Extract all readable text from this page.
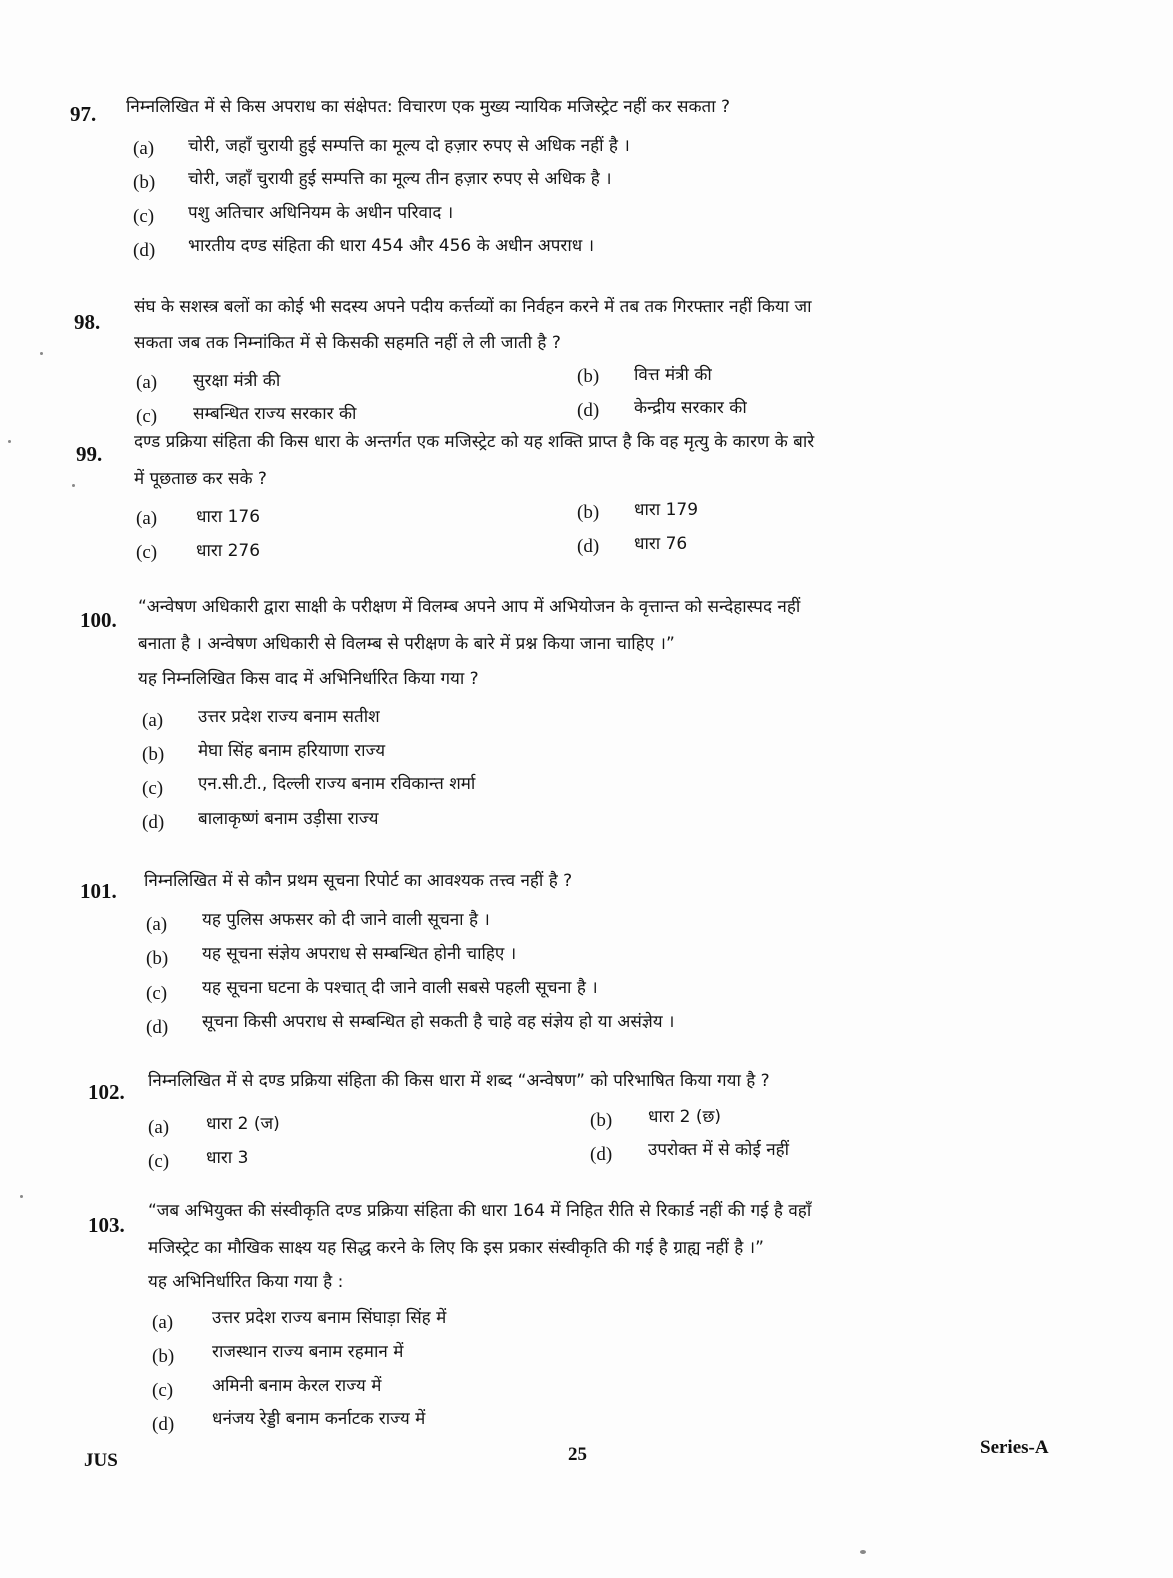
97. निम्नलिखित में से किस अपराध का संक्षेपत: विचारण एक मुख्य न्यायिक मजिस्ट्रेट नहीं कर सकता ?
(a) चोरी, जहाँ चुरायी हुई सम्पत्ति का मूल्य दो हज़ार रुपए से अधिक नहीं है ।
(b) चोरी, जहाँ चुरायी हुई सम्पत्ति का मूल्य तीन हज़ार रुपए से अधिक है ।
(c) पशु अतिचार अधिनियम के अधीन परिवाद ।
(d) भारतीय दण्ड संहिता की धारा 454 और 456 के अधीन अपराध ।
98.
संघ के सशस्त्र बलों का कोई भी सदस्य अपने पदीय कर्त्तव्यों का निर्वहन करने में तब तक गिरफ्तार नहीं किया जा
सकता जब तक निम्नांकित में से किसकी सहमति नहीं ले ली जाती है ?
(a) सुरक्षा मंत्री की	(b) वित्त मंत्री की
(c) सम्बन्धित राज्य सरकार की	(d) केन्द्रीय सरकार की
99. दण्ड प्रक्रिया संहिता की किस धारा के अन्तर्गत एक मजिस्ट्रेट को यह शक्ति प्राप्त है कि वह मृत्यु के कारण के बारे
में पूछताछ कर सके ?
(a) धारा 176	(b) धारा 179
(c) धारा 276	(d) धारा 76
100.
“अन्वेषण अधिकारी द्वारा साक्षी के परीक्षण में विलम्ब अपने आप में अभियोजन के वृत्तान्त को सन्देहास्पद नहीं
बनाता है । अन्वेषण अधिकारी से विलम्ब से परीक्षण के बारे में प्रश्न किया जाना चाहिए ।”
यह निम्नलिखित किस वाद में अभिनिर्धारित किया गया ?
(a) उत्तर प्रदेश राज्य बनाम सतीश
(b) मेघा सिंह बनाम हरियाणा राज्य
(c) एन.सी.टी., दिल्ली राज्य बनाम रविकान्त शर्मा
(d) बालाकृष्णं बनाम उड़ीसा राज्य
101. निम्नलिखित में से कौन प्रथम सूचना रिपोर्ट का आवश्यक तत्त्व नहीं है ?
(a) यह पुलिस अफसर को दी जाने वाली सूचना है ।
(b) यह सूचना संज्ञेय अपराध से सम्बन्धित होनी चाहिए ।
(c) यह सूचना घटना के पश्चात् दी जाने वाली सबसे पहली सूचना है ।
(d) सूचना किसी अपराध से सम्बन्धित हो सकती है चाहे वह संज्ञेय हो या असंज्ञेय ।
102. निम्नलिखित में से दण्ड प्रक्रिया संहिता की किस धारा में शब्द “अन्वेषण” को परिभाषित किया गया है ?
(a) धारा 2 (ज)	(b) धारा 2 (छ)
(c) धारा 3	(d) उपरोक्त में से कोई नहीं
103.
“जब अभियुक्त की संस्वीकृति दण्ड प्रक्रिया संहिता की धारा 164 में निहित रीति से रिकार्ड नहीं की गई है वहाँ
मजिस्ट्रेट का मौखिक साक्ष्य यह सिद्ध करने के लिए कि इस प्रकार संस्वीकृति की गई है ग्राह्य नहीं है ।”
यह अभिनिर्धारित किया गया है :
(a) उत्तर प्रदेश राज्य बनाम सिंघाड़ा सिंह में
(b) राजस्थान राज्य बनाम रहमान में
(c) अमिनी बनाम केरल राज्य में
(d) धनंजय रेड्डी बनाम कर्नाटक राज्य में
JUS	25	Series-A
